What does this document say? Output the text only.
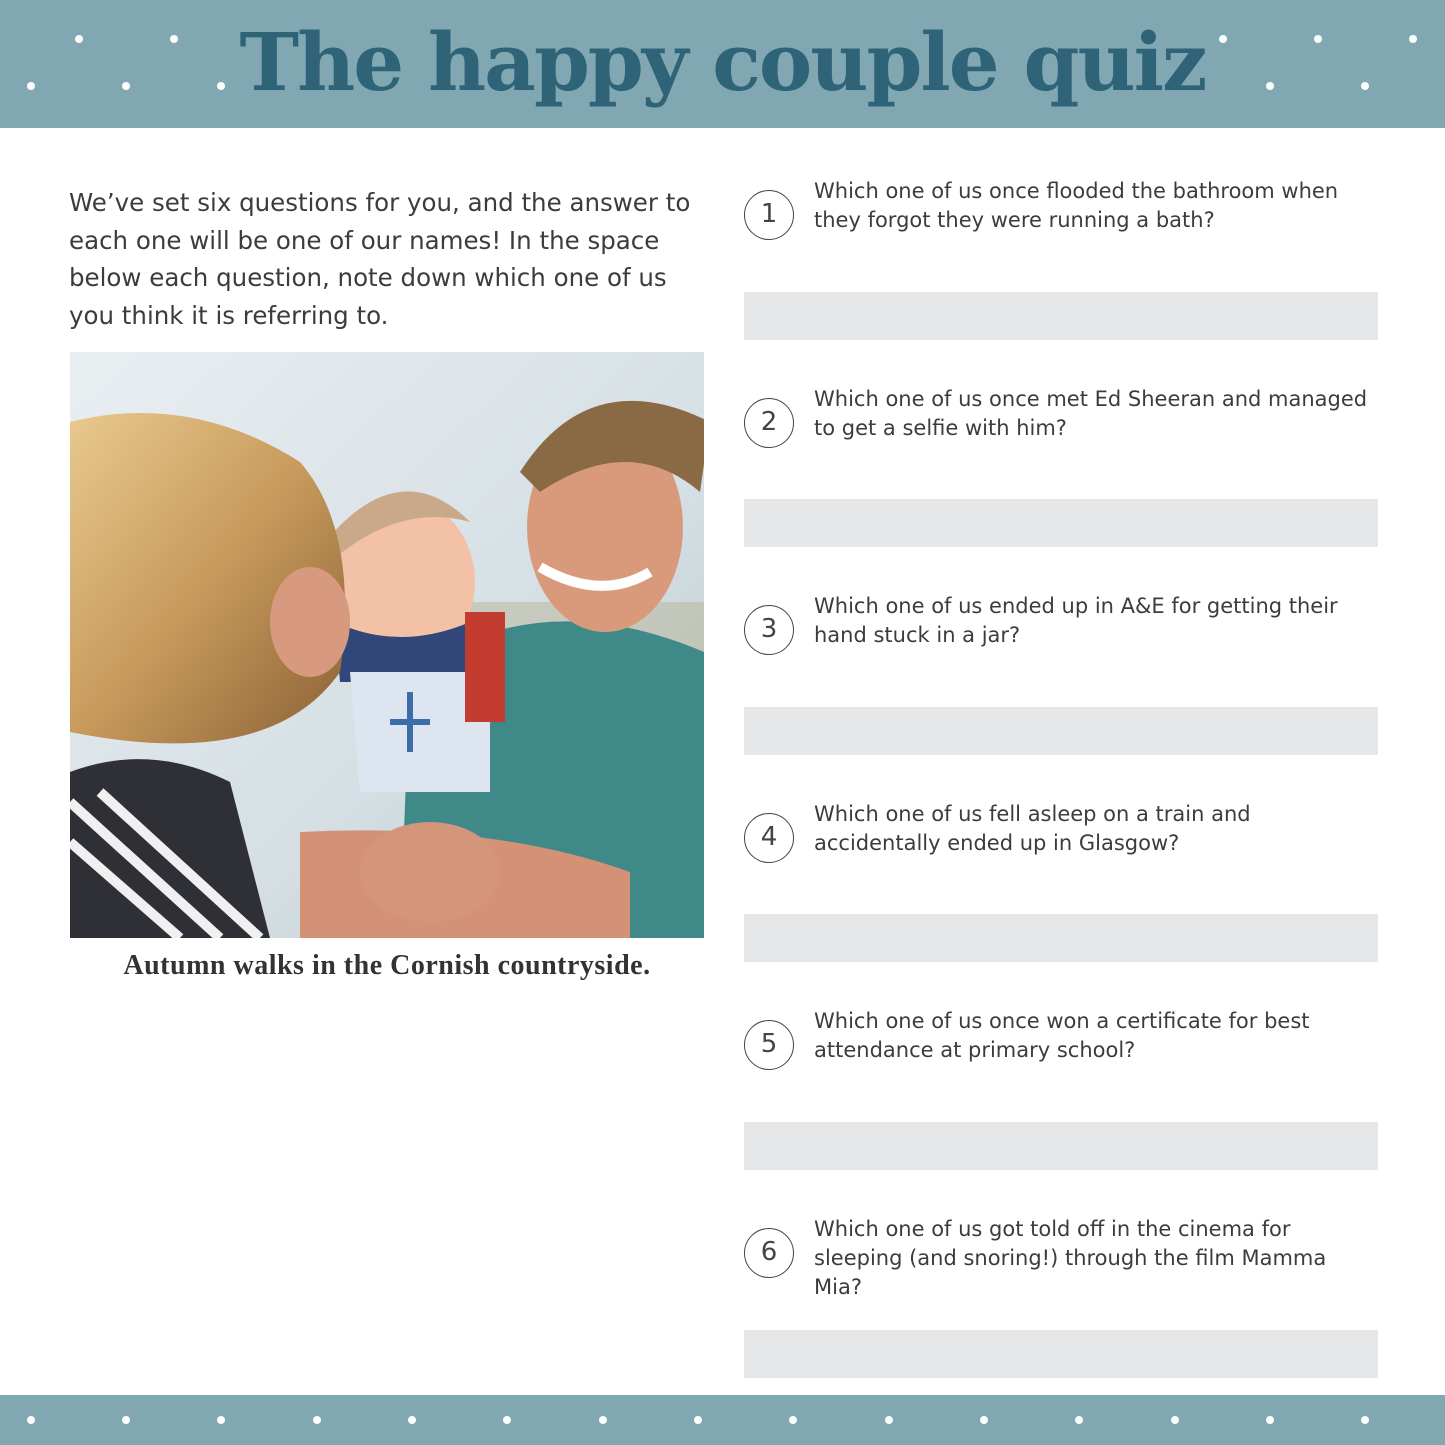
The happy couple quiz

We’ve set six questions for you, and the answer to each one will be one of our names! In the space below each question, note down which one of us you think it is referring to.

Autumn walks in the Cornish countryside.
1
Which one of us once flooded the bathroom when they forgot they were running a bath?
2
Which one of us once met Ed Sheeran and managed to get a selfie with him?
3
Which one of us ended up in A&E for getting their hand stuck in a jar?
4
Which one of us fell asleep on a train and accidentally ended up in Glasgow?
5
Which one of us once won a certificate for best attendance at primary school?
6
Which one of us got told off in the cinema for sleeping (and snoring!) through the film Mamma Mia?
